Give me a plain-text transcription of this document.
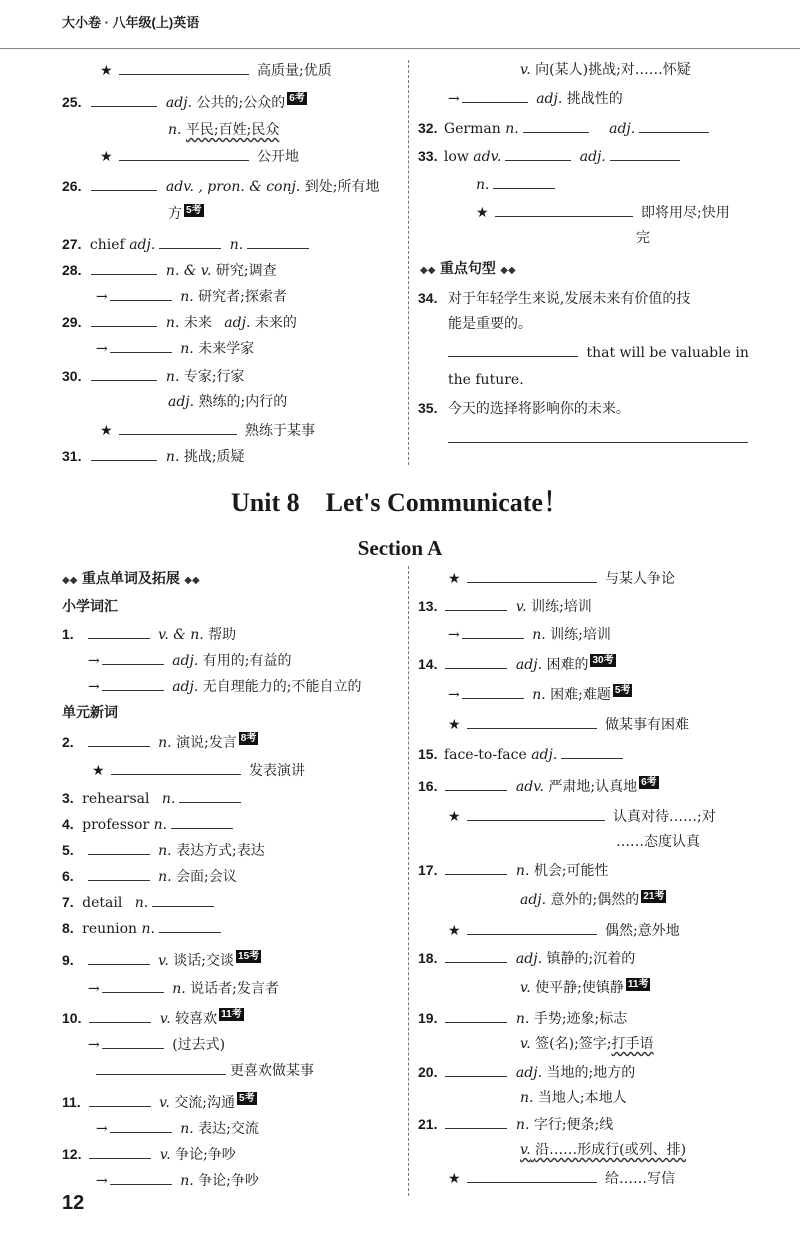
大小卷 · 八年级(上)英语
★	高质量;优质
25.	adj. 公共的;公众的 6考
n. 平民;百姓;民众
★	公开地
26.	adv. , pron. & conj. 到处;所有地
方 5考
27. chief adj.	n.
28.	n. & v. 研究;调查
→	n. 研究者;探索者
29.	n. 未来 adj. 未来的
→	n. 未来学家
30.	n. 专家;行家
adj. 熟练的;内行的
★	熟练于某事
31.	n. 挑战;质疑
v. 向(某人)挑战;对……怀疑
→	adj. 挑战性的
32. German n.	adj.
33. low adv.	adj.
n.
★	即将用尽;快用
完
◆◆ 重点句型 ◆◆
34. 对于年轻学生来说,发展未来有价值的技
能是重要的。
that will be valuable in
the future.
35. 今天的选择将影响你的未来。
Unit 8　Let's Communicate！
Section A
◆◆ 重点单词及拓展 ◆◆
小学词汇
1.	v. & n. 帮助
→	adj. 有用的;有益的
→	adj. 无自理能力的;不能自立的
单元新词
2.	n. 演说;发言 8考
★	发表演讲
3. rehearsal n.
4. professor n.
5.	n. 表达方式;表达
6.	n. 会面;会议
7. detail n.
8. reunion n.
9.	v. 谈话;交谈 15考
→	n. 说话者;发言者
10.	v. 较喜欢 11考
→	(过去式)
更喜欢做某事
11.	v. 交流;沟通 5考
→	n. 表达;交流
12.	v. 争论;争吵
→	n. 争论;争吵
★	与某人争论
13.	v. 训练;培训
→	n. 训练;培训
14.	adj. 困难的 30考
→	n. 困难;难题 5考
★	做某事有困难
15. face-to-face adj.
16.	adv. 严肃地;认真地 6考
★	认真对待……;对
……态度认真
17.	n. 机会;可能性
adj. 意外的;偶然的 21考
★	偶然;意外地
18.	adj. 镇静的;沉着的
v. 使平静;使镇静 11考
19.	n. 手势;迹象;标志
v. 签(名);签字;打手语
20.	adj. 当地的;地方的
n. 当地人;本地人
21.	n. 字行;便条;线
v. 沿……形成行(或列、排)
★	给……写信
12
